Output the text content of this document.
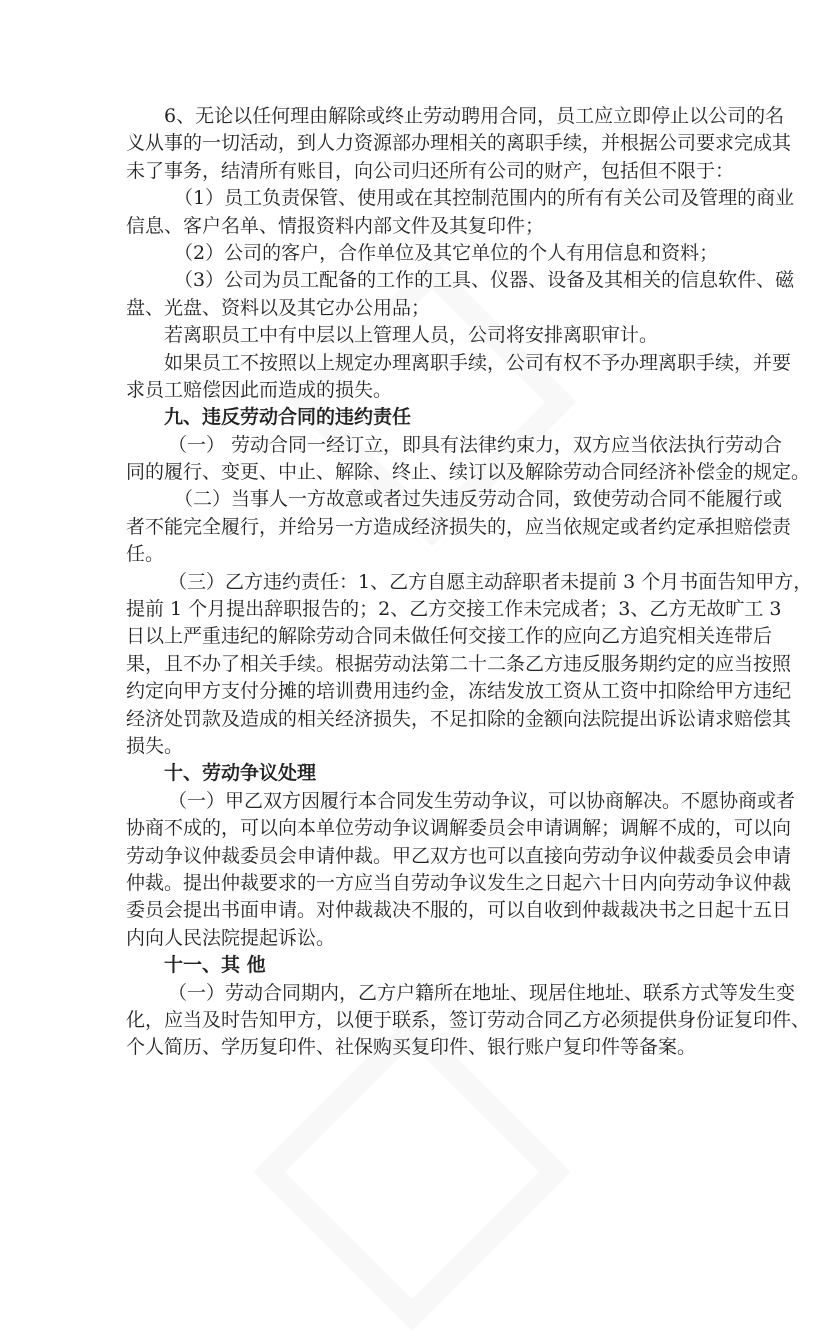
6、无论以任何理由解除或终止劳动聘用合同，员工应立即停止以公司的名
义从事的一切活动，到人力资源部办理相关的离职手续，并根据公司要求完成其
未了事务，结清所有账目，向公司归还所有公司的财产，包括但不限于：
（1）员工负责保管、使用或在其控制范围内的所有有关公司及管理的商业
信息、客户名单、情报资料内部文件及其复印件；
（2）公司的客户，合作单位及其它单位的个人有用信息和资料；
（3）公司为员工配备的工作的工具、仪器、设备及其相关的信息软件、磁
盘、光盘、资料以及其它办公用品；
若离职员工中有中层以上管理人员，公司将安排离职审计。
如果员工不按照以上规定办理离职手续，公司有权不予办理离职手续，并要
求员工赔偿因此而造成的损失。
九、违反劳动合同的违约责任
（一） 劳动合同一经订立，即具有法律约束力，双方应当依法执行劳动合
同的履行、变更、中止、解除、终止、续订以及解除劳动合同经济补偿金的规定。
（二）当事人一方故意或者过失违反劳动合同，致使劳动合同不能履行或
者不能完全履行，并给另一方造成经济损失的，应当依规定或者约定承担赔偿责
任。
（三）乙方违约责任：1、乙方自愿主动辞职者未提前 3 个月书面告知甲方，
提前 1 个月提出辞职报告的；2、乙方交接工作未完成者；3、乙方无故旷工 3
日以上严重违纪的解除劳动合同未做任何交接工作的应向乙方追究相关连带后
果，且不办了相关手续。根据劳动法第二十二条乙方违反服务期约定的应当按照
约定向甲方支付分摊的培训费用违约金，冻结发放工资从工资中扣除给甲方违纪
经济处罚款及造成的相关经济损失，不足扣除的金额向法院提出诉讼请求赔偿其
损失。
十、劳动争议处理
（一）甲乙双方因履行本合同发生劳动争议，可以协商解决。不愿协商或者
协商不成的，可以向本单位劳动争议调解委员会申请调解；调解不成的，可以向
劳动争议仲裁委员会申请仲裁。甲乙双方也可以直接向劳动争议仲裁委员会申请
仲裁。提出仲裁要求的一方应当自劳动争议发生之日起六十日内向劳动争议仲裁
委员会提出书面申请。对仲裁裁决不服的，可以自收到仲裁裁决书之日起十五日
内向人民法院提起诉讼。
十一、其 他
（一）劳动合同期内，乙方户籍所在地址、现居住地址、联系方式等发生变
化，应当及时告知甲方，以便于联系，签订劳动合同乙方必须提供身份证复印件、
个人简历、学历复印件、社保购买复印件、银行账户复印件等备案。
